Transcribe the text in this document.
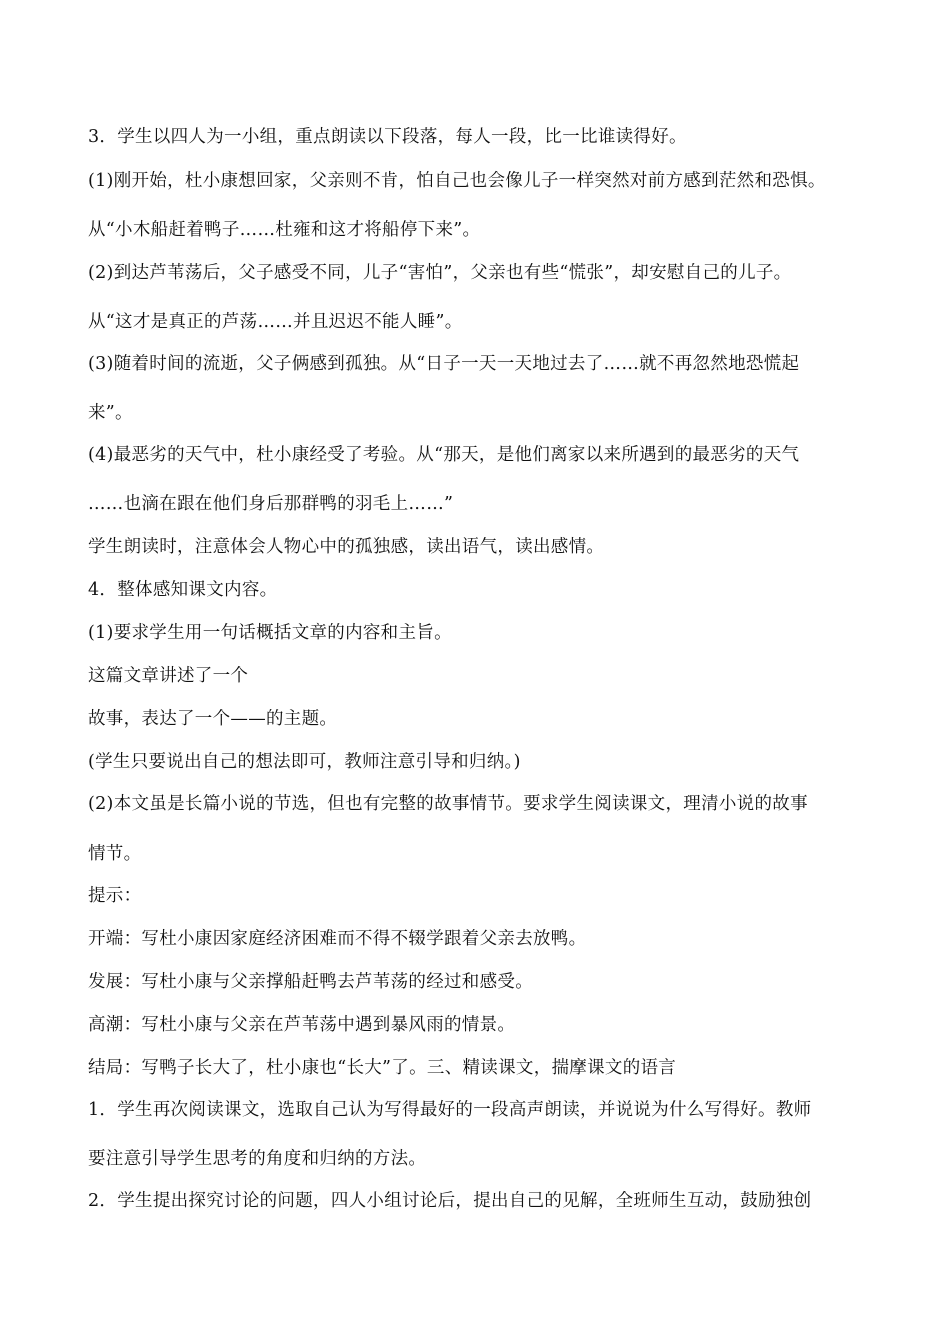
3．学生以四人为一小组，重点朗读以下段落，每人一段，比一比谁读得好。
(1)刚开始，杜小康想回家，父亲则不肯，怕自己也会像儿子一样突然对前方感到茫然和恐惧。
从“小木船赶着鸭子……杜雍和这才将船停下来”。
(2)到达芦苇荡后，父子感受不同，儿子“害怕”，父亲也有些“慌张”，却安慰自己的儿子。
从“这才是真正的芦荡……并且迟迟不能人睡”。
(3)随着时间的流逝，父子俩感到孤独。从“日子一天一天地过去了……就不再忽然地恐慌起
来”。
(4)最恶劣的天气中，杜小康经受了考验。从“那天，是他们离家以来所遇到的最恶劣的天气
……也滴在跟在他们身后那群鸭的羽毛上……”
学生朗读时，注意体会人物心中的孤独感，读出语气，读出感情。
4．整体感知课文内容。
(1)要求学生用一句话概括文章的内容和主旨。
这篇文章讲述了一个
故事，表达了一个——的主题。
(学生只要说出自己的想法即可，教师注意引导和归纳。)
(2)本文虽是长篇小说的节选，但也有完整的故事情节。要求学生阅读课文，理清小说的故事
情节。
提示：
开端：写杜小康因家庭经济困难而不得不辍学跟着父亲去放鸭。
发展：写杜小康与父亲撑船赶鸭去芦苇荡的经过和感受。
高潮：写杜小康与父亲在芦苇荡中遇到暴风雨的情景。
结局：写鸭子长大了，杜小康也“长大”了。三、精读课文，揣摩课文的语言
1．学生再次阅读课文，选取自己认为写得最好的一段高声朗读，并说说为什么写得好。教师
要注意引导学生思考的角度和归纳的方法。
2．学生提出探究讨论的问题，四人小组讨论后，提出自己的见解，全班师生互动，鼓励独创
